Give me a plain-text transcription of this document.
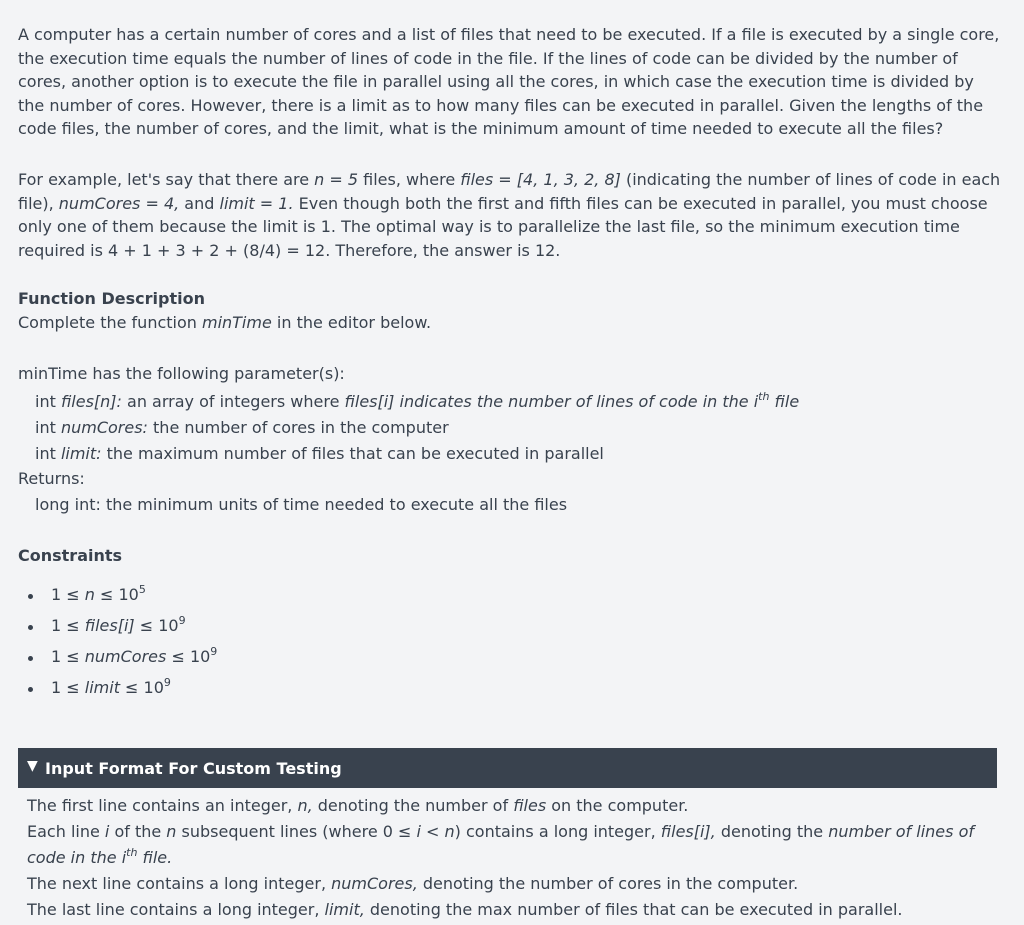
A computer has a certain number of cores and a list of files that need to be executed. If a file is executed by a single core, the execution time equals the number of lines of code in the file. If the lines of code can be divided by the number of cores, another option is to execute the file in parallel using all the cores, in which case the execution time is divided by the number of cores. However, there is a limit as to how many files can be executed in parallel. Given the lengths of the code files, the number of cores, and the limit, what is the minimum amount of time needed to execute all the files?

For example, let's say that there are n = 5 files, where files = [4, 1, 3, 2, 8] (indicating the number of lines of code in each file), numCores = 4, and limit = 1. Even though both the first and fifth files can be executed in parallel, you must choose only one of them because the limit is 1. The optimal way is to parallelize the last file, so the minimum execution time required is 4 + 1 + 3 + 2 + (8/4) = 12. Therefore, the answer is 12.

Function Description
Complete the function minTime in the editor below.
minTime has the following parameter(s):
int files[n]: an array of integers where files[i] indicates the number of lines of code in the $i^{th}$ file
int numCores: the number of cores in the computer
int limit: the maximum number of files that can be executed in parallel
Returns:
long int: the minimum units of time needed to execute all the files
Constraints
$1 \le n \le 10^5$
1 ≤ files[i] ≤ $10^9$
1 ≤ numCores ≤ $10^9$
1 ≤ limit ≤ $10^9$
▼ Input Format For Custom Testing
The first line contains an integer, n, denoting the number of files on the computer.
Each line i of the n subsequent lines (where 0 ≤ i < n) contains a long integer, files[i], denoting the number of lines of code in the $i^{th}$ file.
The next line contains a long integer, numCores, denoting the number of cores in the computer.
The last line contains a long integer, limit, denoting the max number of files that can be executed in parallel.
